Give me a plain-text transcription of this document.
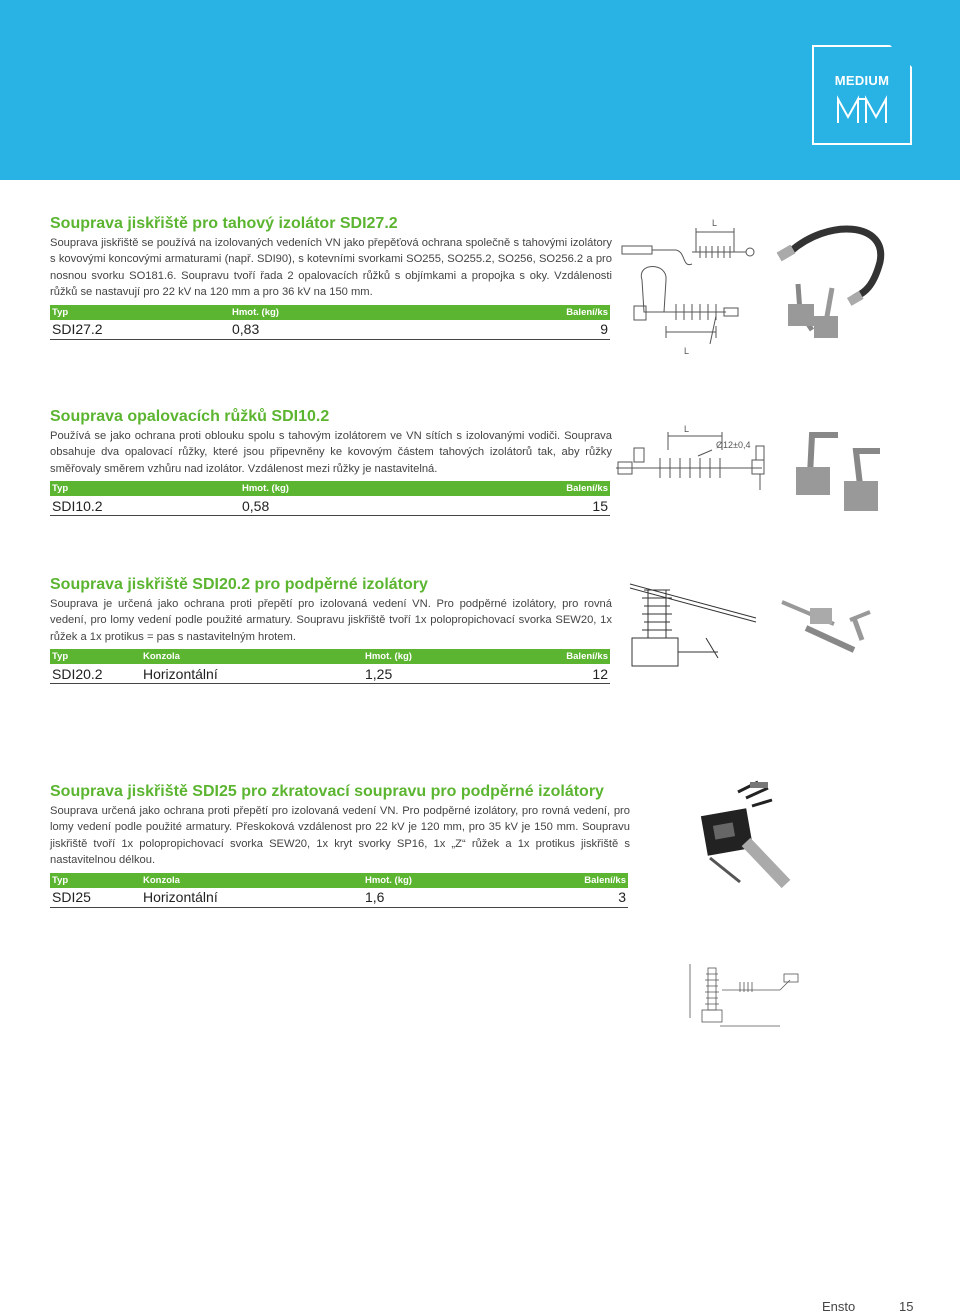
MEDIUM
Souprava jiskřiště pro tahový izolátor SDI27.2

Souprava jiskřiště se používá na izolovaných vedeních VN jako přepěťová ochrana společně s tahovými izolátory s kovovými koncovými armaturami (např. SDI90), s kotevními svorkami SO255, SO255.2, SO256, SO256.2 a pro nosnou svorku SO181.6. Soupravu tvoří řada 2 opalovacích růžků s objímkami a propojka s oky. Vzdálenosti růžků se nastavují pro 22 kV na 120 mm a pro 36 kV na 150 mm.

Typ	Hmot. (kg)	Balení/ks
SDI27.2	0,83	9
L
L
Souprava opalovacích růžků SDI10.2

Používá se jako ochrana proti oblouku spolu s tahovým izolátorem ve VN sítích s izolovanými vodiči. Souprava obsahuje dva opalovací růžky, které jsou připevněny ke kovovým částem tahových izolátorů tak, aby růžky směřovaly směrem vzhůru nad izolátor. Vzdálenost mezi růžky je nastavitelná.

Typ	Hmot. (kg)	Balení/ks
SDI10.2	0,58	15
L
Ø12±0,4
Souprava jiskřiště SDI20.2 pro podpěrné izolátory

Souprava je určená jako ochrana proti přepětí pro izolovaná vedení VN. Pro podpěrné izolátory, pro rovná vedení, pro lomy vedení podle použité armatury. Soupravu jiskřiště tvoří 1x polopropichovací svorka SEW20, 1x růžek a 1x protikus = pas s nastavitelným hrotem.

Typ	Konzola	Hmot. (kg)	Balení/ks
SDI20.2	Horizontální	1,25	12
Souprava jiskřiště SDI25 pro zkratovací soupravu pro podpěrné izolátory

Souprava určená jako ochrana proti přepětí pro izolovaná vedení VN. Pro podpěrné izolátory, pro rovná vedení, pro lomy vedení podle použité armatury. Přeskoková vzdálenost pro 22 kV je 120 mm, pro 35 kV je 150 mm. Soupravu jiskřiště tvoří 1x polopropichovací svorka SEW20, 1x kryt svorky SP16, 1x „Z“ růžek a 1x protikus jiskřiště s nastavitelnou délkou.

Typ	Konzola	Hmot. (kg)	Balení/ks
SDI25	Horizontální	1,6	3
Ensto	15
